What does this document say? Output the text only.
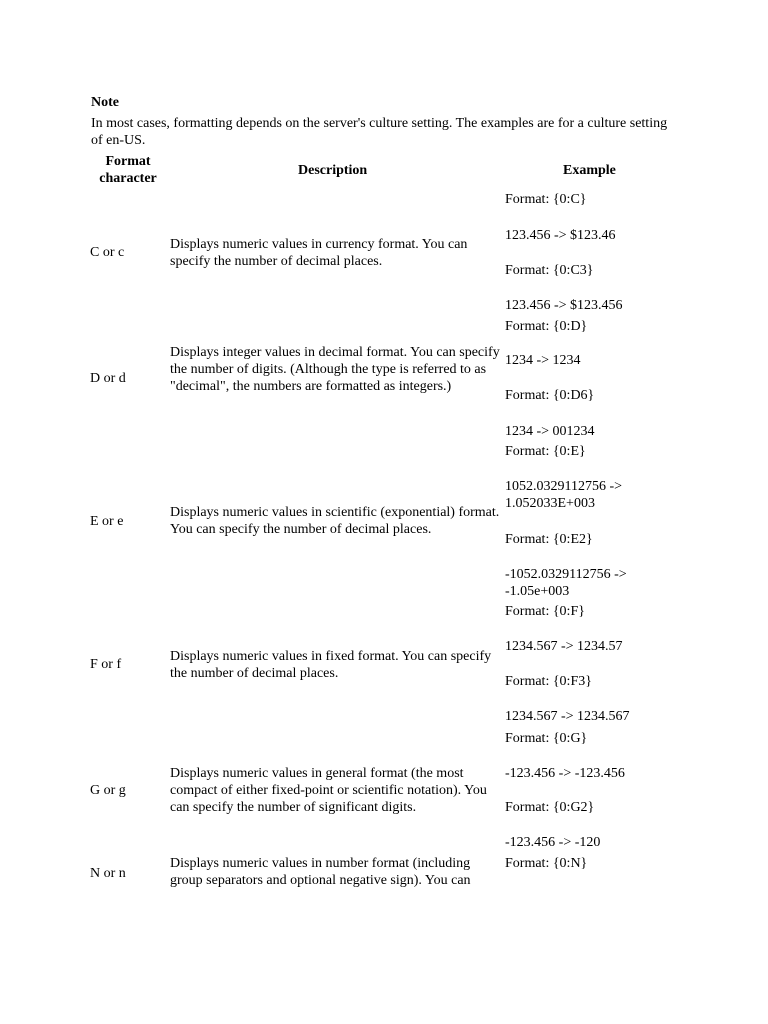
Note
In most cases, formatting depends on the server's culture setting. The examples are for a culture setting of en-US.
Format character
Description	Example
C or c
Displays numeric values in currency format. You can specify the number of decimal places.
Format: {0:C}
123.456 -> $123.46
Format: {0:C3}
123.456 -> $123.456
D or d
Displays integer values in decimal format. You can specify the number of digits. (Although the type is referred to as "decimal", the numbers are formatted as integers.)
Format: {0:D}
1234 -> 1234
Format: {0:D6}
1234 -> 001234
E or e
Displays numeric values in scientific (exponential) format. You can specify the number of decimal places.
Format: {0:E}
1052.0329112756 -> 1.052033E+003
Format: {0:E2}
-1052.0329112756 -> -1.05e+003
F or f
Displays numeric values in fixed format. You can specify the number of decimal places.
Format: {0:F}
1234.567 -> 1234.57
Format: {0:F3}
1234.567 -> 1234.567
G or g
Displays numeric values in general format (the most compact of either fixed-point or scientific notation). You can specify the number of significant digits.
Format: {0:G}
-123.456 -> -123.456
Format: {0:G2}
-123.456 -> -120
N or n
Displays numeric values in number format (including group separators and optional negative sign). You can
Format: {0:N}
